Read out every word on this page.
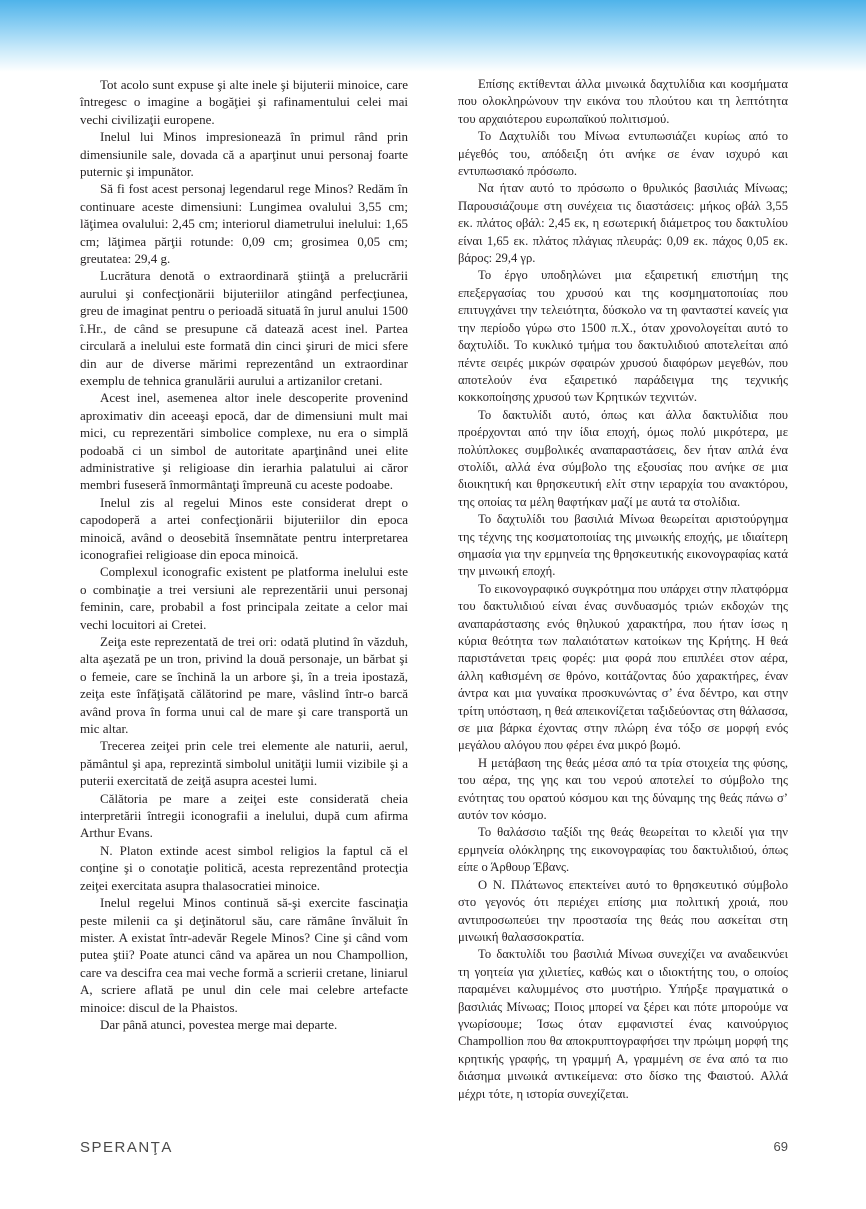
Tot acolo sunt expuse şi alte inele şi bijuterii minoice, care întregesc o imagine a bogăţiei şi rafinamentului celei mai vechi civilizaţii europene.

Inelul lui Minos impresionează în primul rând prin dimensiunile sale, dovada că a aparţinut unui personaj foarte puternic şi impunător.

Să fi fost acest personaj legendarul rege Minos? Redăm în continuare aceste dimensiuni: Lungimea ovalului 3,55 cm; lăţimea ovalului: 2,45 cm; interiorul diametrului inelului: 1,65 cm; lăţimea părţii rotunde: 0,09 cm; grosimea 0,05 cm; greutatea: 29,4 g.

Lucrătura denotă o extraordinară ştiinţă a prelucrării aurului şi confecţionării bijuteriilor atingând perfecţiunea, greu de imaginat pentru o perioadă situată în jurul anului 1500 î.Hr., de când se presupune că datează acest inel. Partea circulară a inelului este formată din cinci şiruri de mici sfere din aur de diverse mărimi reprezentând un extraordinar exemplu de tehnica granulării aurului a artizanilor cretani.

Acest inel, asemenea altor inele descoperite provenind aproximativ din aceeaşi epocă, dar de dimensiuni mult mai mici, cu reprezentări simbolice complexe, nu era o simplă podoabă ci un simbol de autoritate aparţinând unei elite administrative şi religioase din ierarhia palatului ai căror membri fuseseră înmormântaţi împreună cu aceste podoabe.

Inelul zis al regelui Minos este considerat drept o capodoperă a artei confecţionării bijuteriilor din epoca minoică, având o deosebită însemnătate pentru interpretarea iconografiei religioase din epoca minoică.

Complexul iconografic existent pe platforma inelului este o combinaţie a trei versiuni ale reprezentării unui personaj feminin, care, probabil a fost principala zeitate a celor mai vechi locuitori ai Cretei.

Zeiţa este reprezentată de trei ori: odată plutind în văzduh, alta aşezată pe un tron, privind la două personaje, un bărbat şi o femeie, care se închină la un arbore şi, în a treia ipostază, zeiţa este înfăţişată călătorind pe mare, vâslind într-o barcă având prova în forma unui cal de mare şi care transportă un mic altar.

Trecerea zeiţei prin cele trei elemente ale naturii, aerul, pământul şi apa, reprezintă simbolul unităţii lumii vizibile şi a puterii exercitată de zeiţă asupra acestei lumi.

Călătoria pe mare a zeiţei este considerată cheia interpretării întregii iconografii a inelului, după cum afirma Arthur Evans.

N. Platon extinde acest simbol religios la faptul că el conţine şi o conotaţie politică, acesta reprezentând protecţia zeiţei exercitata asupra thalasocratiei minoice.

Inelul regelui Minos continuă să-şi exercite fascinaţia peste milenii ca şi deţinătorul său, care rămâne învăluit în mister. A existat într-adevăr Regele Minos? Cine şi când vom putea ştii? Poate atunci când va apărea un nou Champollion, care va descifra cea mai veche formă a scrierii cretane, liniarul A, scriere aflată pe unul din cele mai celebre artefacte minoice: discul de la Phaistos.

Dar până atunci, povestea merge mai departe.

Επίσης εκτίθενται άλλα μινωικά δαχτυλίδια και κοσμήματα που ολοκληρώνουν την εικόνα του πλούτου και τη λεπτότητα του αρχαιότερου ευρωπαϊκού πολιτισμού.

Το Δαχτυλίδι του Μίνωα εντυπωσιάζει κυρίως από το μέγεθός του, απόδειξη ότι ανήκε σε έναν ισχυρό και εντυπωσιακό πρόσωπο.

Να ήταν αυτό το πρόσωπο ο θρυλικός βασιλιάς Μίνωας; Παρουσιάζουμε στη συνέχεια τις διαστάσεις: μήκος οβάλ 3,55 εκ. πλάτος οβάλ: 2,45 εκ, η εσωτερική διάμετρος του δακτυλίου είναι 1,65 εκ. πλάτος πλάγιας πλευράς: 0,09 εκ. πάχος 0,05 εκ. βάρος: 29,4 γρ.

Το έργο υποδηλώνει μια εξαιρετική επιστήμη της επεξεργασίας του χρυσού και της κοσμηματοποιίας που επιτυγχάνει την τελειότητα, δύσκολο να τη φανταστεί κανείς για την περίοδο γύρω στο 1500 π.Χ., όταν χρονολογείται αυτό το δαχτυλίδι. Το κυκλικό τμήμα του δακτυλιδιού αποτελείται από πέντε σειρές μικρών σφαιρών χρυσού διαφόρων μεγεθών, που αποτελούν ένα εξαιρετικό παράδειγμα της τεχνικής κοκκοποίησης χρυσού των Κρητικών τεχνιτών.

Το δακτυλίδι αυτό, όπως και άλλα δακτυλίδια που προέρχονται από την ίδια εποχή, όμως πολύ μικρότερα, με πολύπλοκες συμβολικές αναπαραστάσεις, δεν ήταν απλά ένα στολίδι, αλλά ένα σύμβολο της εξουσίας που ανήκε σε μια διοικητική και θρησκευτική ελίτ στην ιεραρχία του ανακτόρου, της οποίας τα μέλη θαφτήκαν μαζί με αυτά τα στολίδια.

Το δαχτυλίδι του βασιλιά Μίνωα θεωρείται αριστούργημα της τέχνης της κοσματοποιίας της μινωικής εποχής, με ιδιαίτερη σημασία για την ερμηνεία της θρησκευτικής εικονογραφίας κατά την μινωική εποχή.

Το εικονογραφικό συγκρότημα που υπάρχει στην πλατφόρμα του δακτυλιδιού είναι ένας συνδυασμός τριών εκδοχών της αναπαράστασης ενός θηλυκού χαρακτήρα, που ήταν ίσως η κύρια θεότητα των παλαιότατων κατοίκων της Κρήτης. Η θεά παριστάνεται τρεις φορές: μια φορά που επιπλέει στον αέρα, άλλη καθισμένη σε θρόνο, κοιτάζοντας δύο χαρακτήρες, έναν άντρα και μια γυναίκα προσκυνώντας σ’ ένα δέντρο, και στην τρίτη υπόσταση, η θεά απεικονίζεται ταξιδεύοντας στη θάλασσα, σε μια βάρκα έχοντας στην πλώρη ένα τόξο σε μορφή ενός μεγάλου αλόγου που φέρει ένα μικρό βωμό.

Η μετάβαση της θεάς μέσα από τα τρία στοιχεία της φύσης, του αέρα, της γης και του νερού αποτελεί το σύμβολο της ενότητας του ορατού κόσμου και της δύναμης της θεάς πάνω σ’ αυτόν τον κόσμο.

Το θαλάσσιο ταξίδι της θεάς θεωρείται το κλειδί για την ερμηνεία ολόκληρης της εικονογραφίας του δακτυλιδιού, όπως είπε ο Άρθουρ Έβανς.

Ο Ν. Πλάτωνος επεκτείνει αυτό το θρησκευτικό σύμβολο στο γεγονός ότι περιέχει επίσης μια πολιτική χροιά, που αντιπροσωπεύει την προστασία της θεάς που ασκείται στη μινωική θαλασσοκρατία.

Το δακτυλίδι του βασιλιά Μίνωα συνεχίζει να αναδεικνύει τη γοητεία για χιλιετίες, καθώς και ο ιδιοκτήτης του, ο οποίος παραμένει καλυμμένος στο μυστήριο. Υπήρξε πραγματικά ο βασιλιάς Μίνωας; Ποιος μπορεί να ξέρει και πότε μπορούμε να γνωρίσουμε; Ίσως όταν εμφανιστεί ένας καινούργιος Champollion που θα αποκρυπτογραφήσει την πρώιμη μορφή της κρητικής γραφής, τη γραμμή Α, γραμμένη σε ένα από τα πιο διάσημα μινωικά αντικείμενα: στο δίσκο της Φαιστού. Αλλά μέχρι τότε, η ιστορία συνεχίζεται.

SPERANŢA	69
